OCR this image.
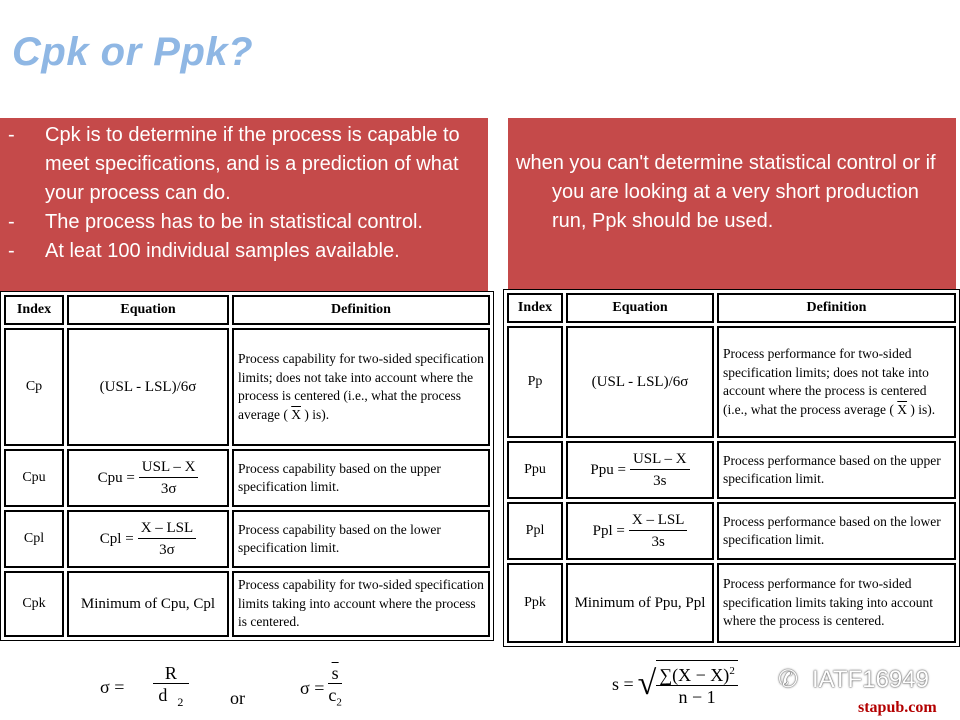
Cpk or Ppk?
- Cpk is to determine if the process is capable to meet specifications, and is a prediction of what your process can do.
- The process has to be in statistical control.
- At leat 100 individual samples available.

when you can't determine statistical control or if you are looking at a very short production run, Ppk should be used.

Index	Equation	Definition
Cp	(USL - LSL)/6σ	Process capability for two-sided specification limits; does not take into account where the process is centered (i.e., what the process average ( $\overline{X}$ ) is).
Cpu	Cpu = $\frac{\text{USL – X}}{3\sigma}$	Process capability based on the upper specification limit.
Cpl	Cpl = $\frac{\text{X – LSL}}{3\sigma}$	Process capability based on the lower specification limit.
Cpk	Minimum of Cpu, Cpl	Process capability for two-sided specification limits taking into account where the process is centered.
Index	Equation	Definition
Pp	(USL - LSL)/6σ	Process performance for two-sided specification limits; does not take into account where the process is centered (i.e., what the process average ( $\overline{X}$ ) is).
Ppu	Ppu = $\frac{\text{USL – X}}{3s}$	Process performance based on the upper specification limit.
Ppl	Ppl = $\frac{\text{X – LSL}}{3s}$	Process performance based on the lower specification limit.
Ppk	Minimum of Ppu, Ppl	Process performance for two-sided specification limits taking into account where the process is centered.
$\sigma = \frac{R}{d _2}$ or
$\sigma = \frac{\overline{s}}{c_2}$	s = √ $\frac{\sum(X - X)^2}{n - 1}$ ✆ IATF16949
stapub.com
